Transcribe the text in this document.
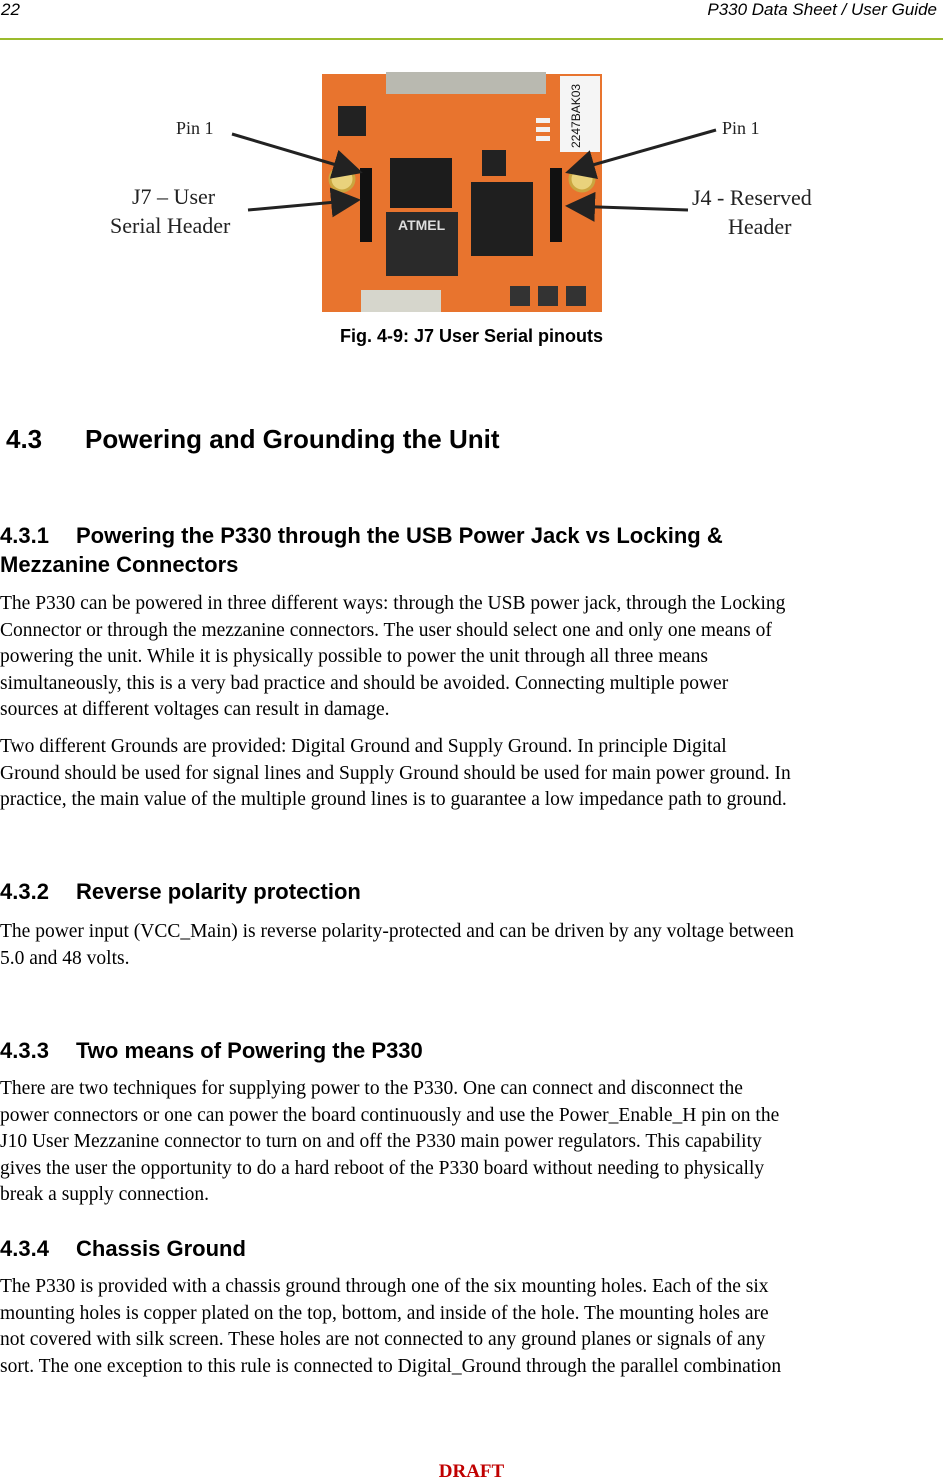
22	P330 Data Sheet / User Guide
ATMEL
2247BAK03
Pin 1
J7 – User
Serial Header
Pin 1
J4 - Reserved
Header
Fig. 4-9: J7 User Serial pinouts
4.3 Powering and Grounding the Unit
4.3.1 Powering the P330 through the USB Power Jack vs Locking &
Mezzanine Connectors

The P330 can be powered in three different ways: through the USB power jack, through the Locking
Connector or through the mezzanine connectors. The user should select one and only one means of
powering the unit. While it is physically possible to power the unit through all three means
simultaneously, this is a very bad practice and should be avoided. Connecting multiple power
sources at different voltages can result in damage.

Two different Grounds are provided: Digital Ground and Supply Ground. In principle Digital
Ground should be used for signal lines and Supply Ground should be used for main power ground. In
practice, the main value of the multiple ground lines is to guarantee a low impedance path to ground.

4.3.2 Reverse polarity protection

The power input (VCC_Main) is reverse polarity-protected and can be driven by any voltage between
5.0 and 48 volts.

4.3.3 Two means of Powering the P330

There are two techniques for supplying power to the P330. One can connect and disconnect the
power connectors or one can power the board continuously and use the Power_Enable_H pin on the
J10 User Mezzanine connector to turn on and off the P330 main power regulators. This capability
gives the user the opportunity to do a hard reboot of the P330 board without needing to physically
break a supply connection.

4.3.4 Chassis Ground

The P330 is provided with a chassis ground through one of the six mounting holes. Each of the six
mounting holes is copper plated on the top, bottom, and inside of the hole. The mounting holes are
not covered with silk screen. These holes are not connected to any ground planes or signals of any
sort. The one exception to this rule is connected to Digital_Ground through the parallel combination

DRAFT
